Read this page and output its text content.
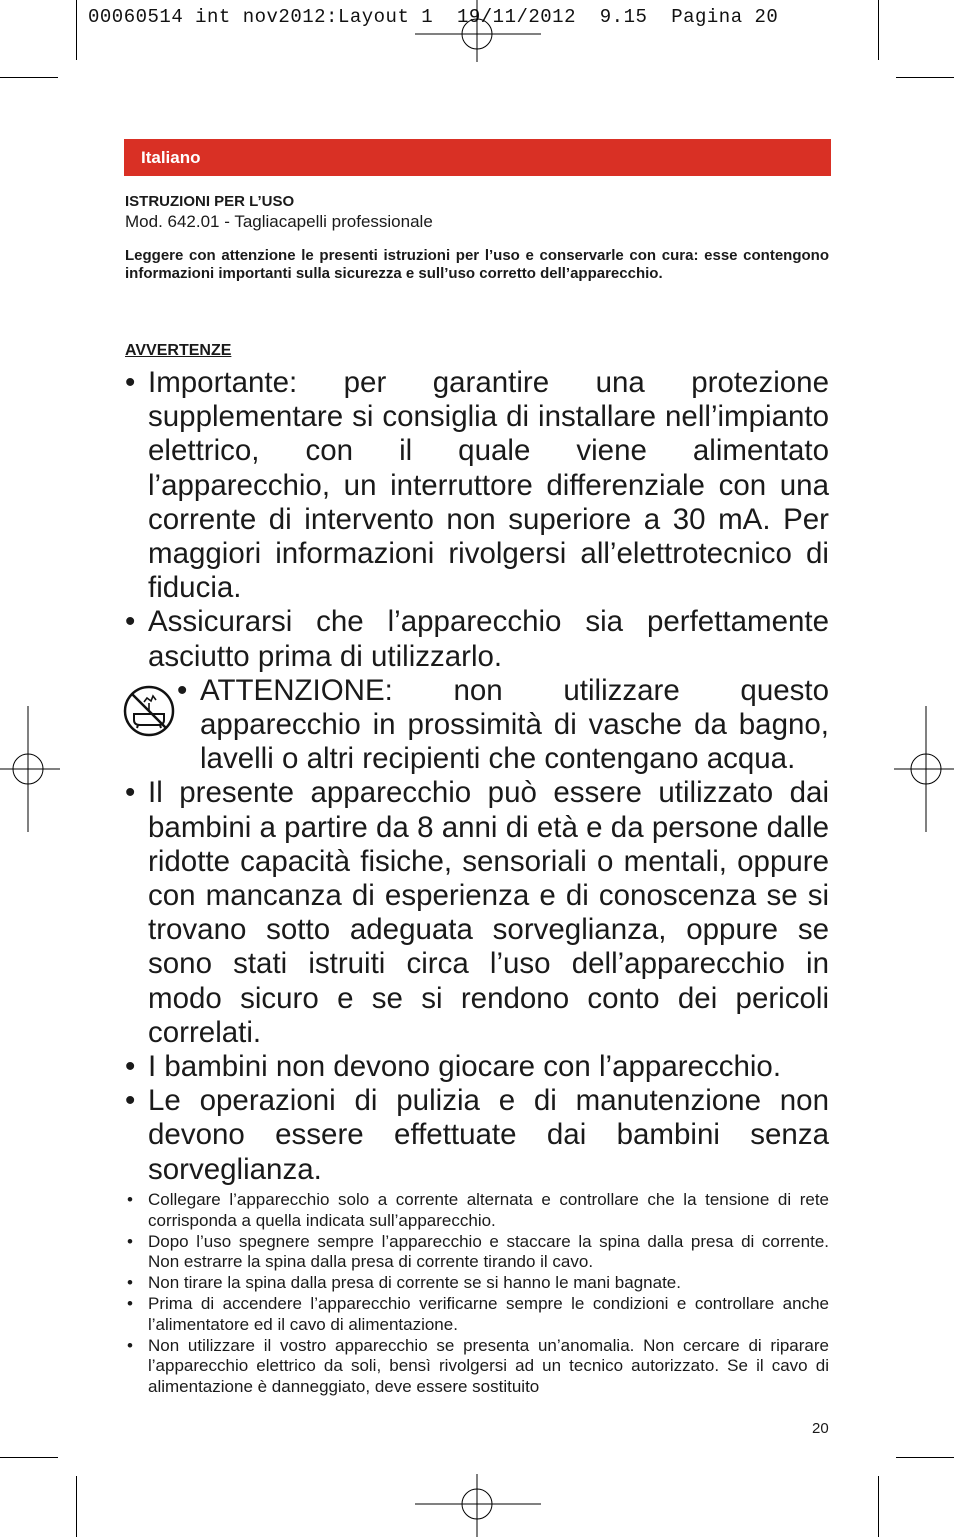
00060514 int nov2012:Layout 1  19/11/2012  9.15  Pagina 20
Italiano
ISTRUZIONI PER L’USO
Mod. 642.01 - Tagliacapelli professionale
Leggere con attenzione le presenti istruzioni per l’uso e conservarle con cura: esse contengono informazioni importanti sulla sicurezza e sull’uso corretto dell’apparecchio.
AVVERTENZE
• Importante: per garantire una protezione supplementare si consiglia di installare nell’impianto elettrico, con il quale viene alimentato l’apparecchio, un interruttore differenziale con una corrente di intervento non superiore a 30 mA. Per maggiori informazioni rivolgersi all’elettrotecnico di fiducia.
• Assicurarsi che l’apparecchio sia perfettamente asciutto prima di utilizzarlo.
• ATTENZIONE: non utilizzare questo apparecchio in prossimità di vasche da bagno, lavelli o altri recipienti che contengano acqua.
• Il presente apparecchio può essere utilizzato dai bambini a partire da 8 anni di età e da persone dalle ridotte capacità fisiche, sensoriali o mentali, oppure con mancanza di esperienza e di conoscenza se si trovano sotto adeguata sorveglianza, oppure se sono stati istruiti circa l’uso dell’apparecchio in modo sicuro e se si rendono conto dei pericoli correlati.
• I bambini non devono giocare con l’apparecchio.
• Le operazioni di pulizia e di manutenzione non devono essere effettuate dai bambini senza sorveglianza.
• Collegare l’apparecchio solo a corrente alternata e controllare che la tensione di rete corrisponda a quella indicata sull’apparecchio.
• Dopo l’uso spegnere sempre l’apparecchio e staccare la spina dalla presa di corrente. Non estrarre la spina dalla presa di corrente tirando il cavo.
• Non tirare la spina dalla presa di corrente se si hanno le mani bagnate.
• Prima di accendere l’apparecchio verificarne sempre le condizioni e controllare anche l’alimentatore ed il cavo di alimentazione.
• Non utilizzare il vostro apparecchio se presenta un’anomalia. Non cercare di riparare l’apparecchio elettrico da soli, bensì rivolgersi ad un tecnico autorizzato. Se il cavo di alimentazione è danneggiato, deve essere sostituito
20
